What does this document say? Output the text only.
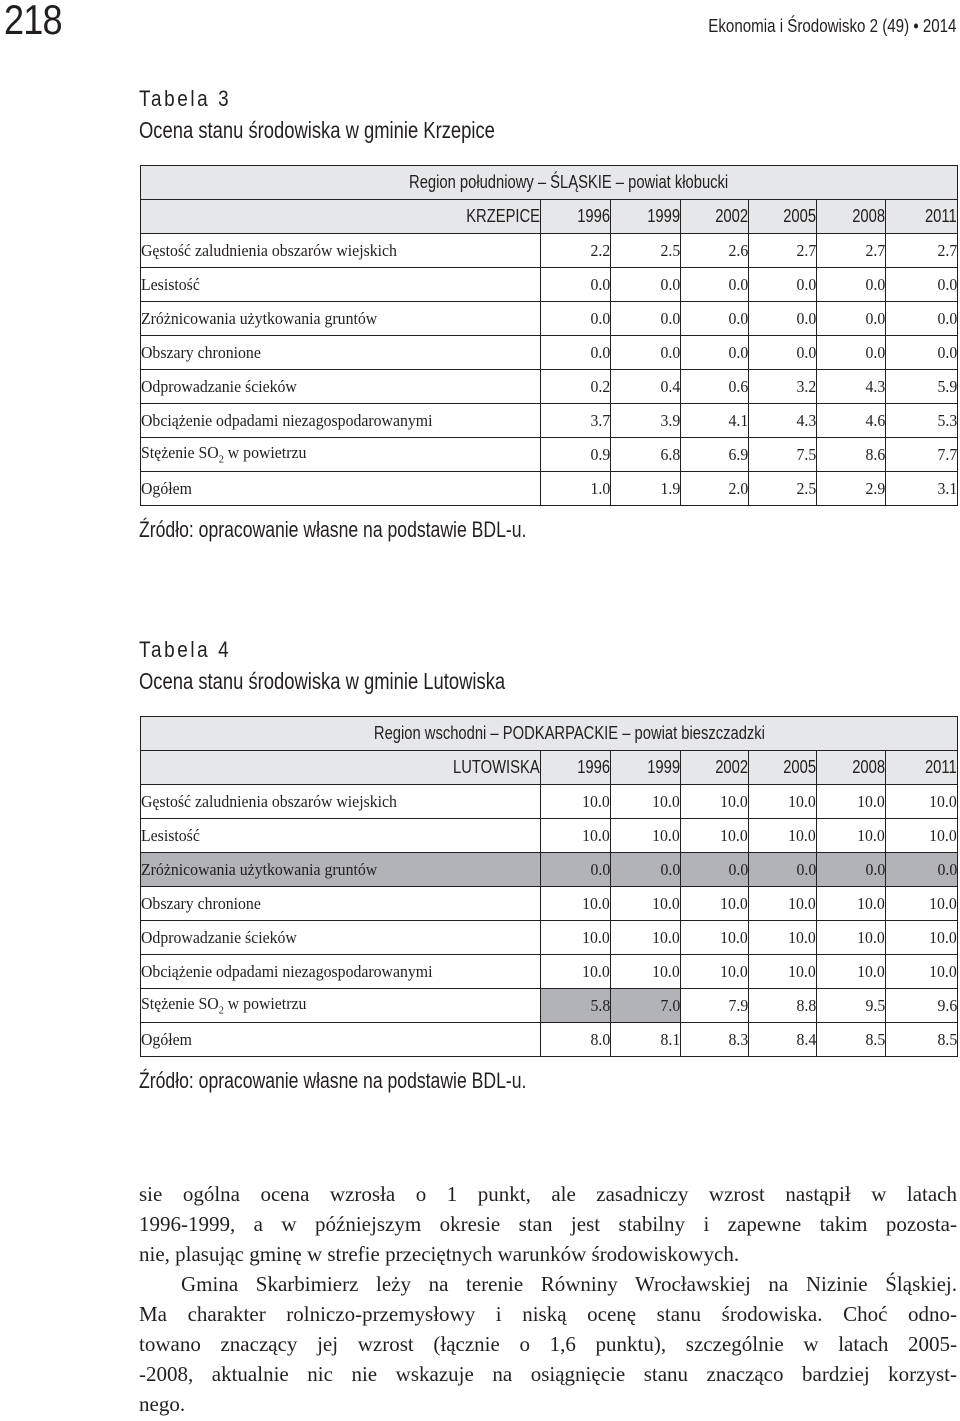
218	Ekonomia i Środowisko 2 (49) • 2014
Tabela 3
Ocena stanu środowiska w gminie Krzepice
Region południowy – ŚLĄSKIE – powiat kłobucki						
KRZEPICE	1996	1999	2002	2005	2008	2011
Gęstość zaludnienia obszarów wiejskich	2.2	2.5	2.6	2.7	2.7	2.7
Lesistość	0.0	0.0	0.0	0.0	0.0	0.0
Zróżnicowania użytkowania gruntów	0.0	0.0	0.0	0.0	0.0	0.0
Obszary chronione	0.0	0.0	0.0	0.0	0.0	0.0
Odprowadzanie ścieków	0.2	0.4	0.6	3.2	4.3	5.9
Obciążenie odpadami niezagospodarowanymi	3.7	3.9	4.1	4.3	4.6	5.3
Stężenie $SO_2$ w powietrzu	0.9	6.8	6.9	7.5	8.6	7.7
Ogółem	1.0	1.9	2.0	2.5	2.9	3.1
Źródło: opracowanie własne na podstawie BDL-u.
Tabela 4
Ocena stanu środowiska w gminie Lutowiska
Region wschodni – PODKARPACKIE – powiat bieszczadzki						
LUTOWISKA	1996	1999	2002	2005	2008	2011
Gęstość zaludnienia obszarów wiejskich	10.0	10.0	10.0	10.0	10.0	10.0
Lesistość	10.0	10.0	10.0	10.0	10.0	10.0
Zróżnicowania użytkowania gruntów	0.0	0.0	0.0	0.0	0.0	0.0
Obszary chronione	10.0	10.0	10.0	10.0	10.0	10.0
Odprowadzanie ścieków	10.0	10.0	10.0	10.0	10.0	10.0
Obciążenie odpadami niezagospodarowanymi	10.0	10.0	10.0	10.0	10.0	10.0
Stężenie $SO_2$ w powietrzu	5.8	7.0	7.9	8.8	9.5	9.6
Ogółem	8.0	8.1	8.3	8.4	8.5	8.5
Źródło: opracowanie własne na podstawie BDL-u.

sie ogólna ocena wzrosła o 1 punkt, ale zasadniczy wzrost nastąpił w latach
1996-1999, a w późniejszym okresie stan jest stabilny i zapewne takim pozosta-
nie, plasując gminę w strefie przeciętnych warunków środowiskowych.

Gmina Skarbimierz leży na terenie Równiny Wrocławskiej na Nizinie Śląskiej.
Ma charakter rolniczo-przemysłowy i niską ocenę stanu środowiska. Choć odno-
towano znaczący jej wzrost (łącznie o 1,6 punktu), szczególnie w latach 2005-
-2008, aktualnie nic nie wskazuje na osiągnięcie stanu znacząco bardziej korzyst-
nego.
